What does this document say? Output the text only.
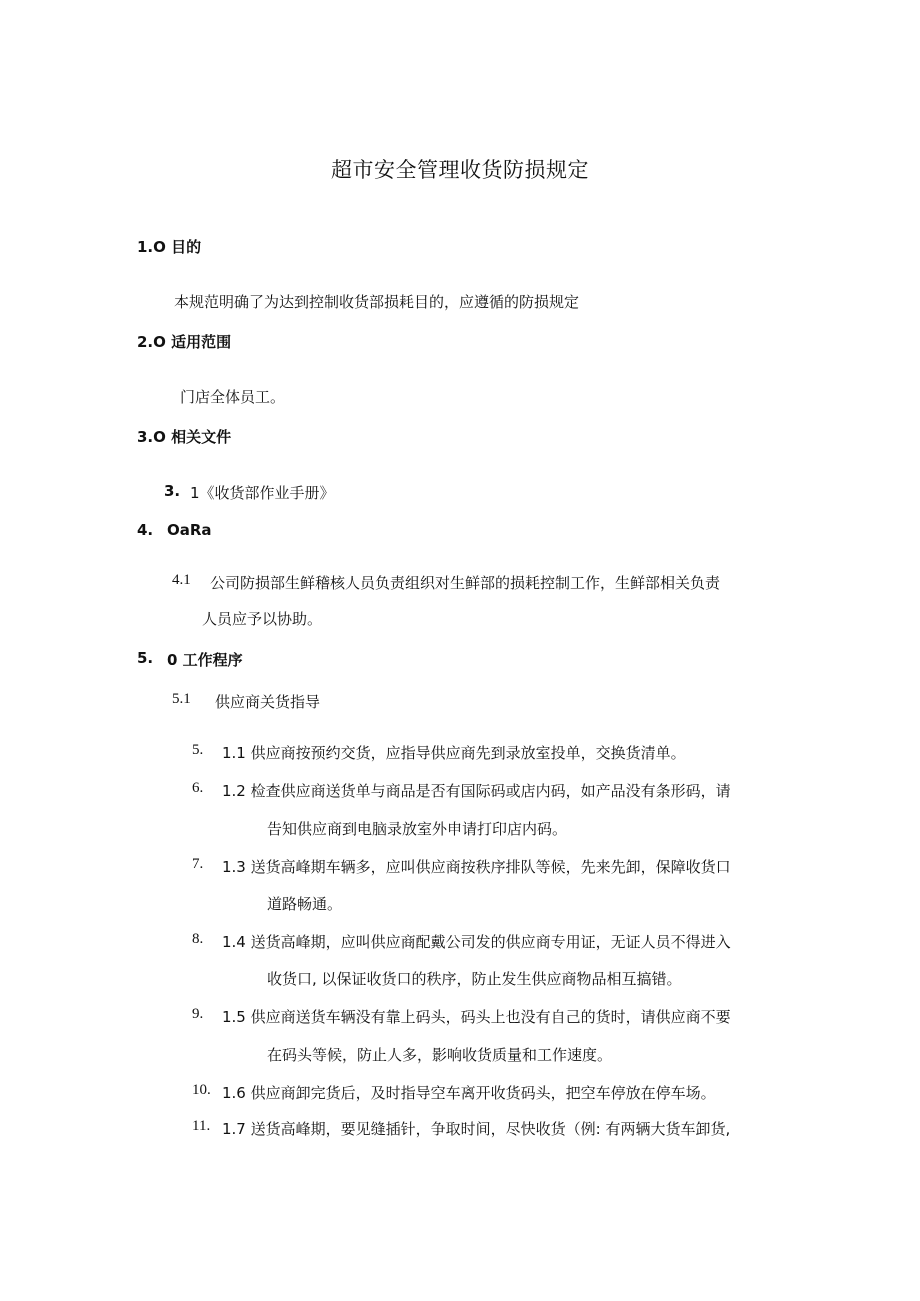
超市安全管理收货防损规定
1.O 目的
本规范明确了为达到控制收货部损耗目的，应遵循的防损规定
2.O 适用范围
门店全体员工。
3.O 相关文件
3. 1《收货部作业手册》
4. OaRa
4.1 公司防损部生鲜稽核人员负责组织对生鲜部的损耗控制工作，生鲜部相关负责
人员应予以协助。
5. 0 工作程序
5.1 供应商关货指导
5. 1.1 供应商按预约交货，应指导供应商先到录放室投单，交换货清单。
6. 1.2 检查供应商送货单与商品是否有国际码或店内码，如产品没有条形码，请
告知供应商到电脑录放室外申请打印店内码。
7. 1.3 送货高峰期车辆多，应叫供应商按秩序排队等候，先来先卸，保障收货口
道路畅通。
8. 1.4 送货高峰期，应叫供应商配戴公司发的供应商专用证，无证人员不得进入
收货口, 以保证收货口的秩序，防止发生供应商物品相互搞错。
9. 1.5 供应商送货车辆没有靠上码头，码头上也没有自己的货时，请供应商不要
在码头等候，防止人多，影响收货质量和工作速度。
10. 1.6 供应商卸完货后，及时指导空车离开收货码头，把空车停放在停车场。
11. 1.7 送货高峰期，要见缝插针，争取时间，尽快收货（例: 有两辆大货车卸货,
